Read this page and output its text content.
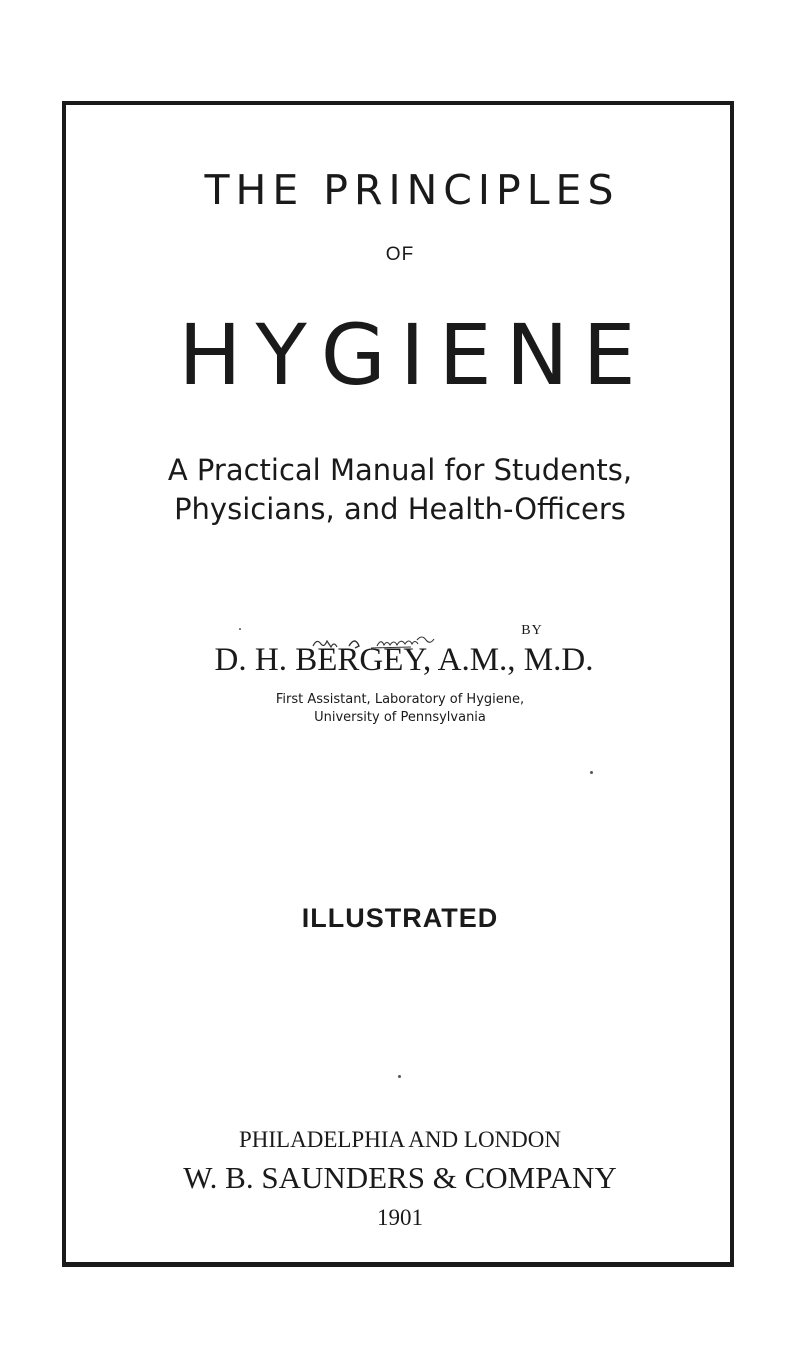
THE PRINCIPLES
OF
HYGIENE
A Practical Manual for Students,
Physicians, and Health-Officers
BY
D. H. BERGEY, A.M., M.D.
First Assistant, Laboratory of Hygiene,
University of Pennsylvania
ILLUSTRATED
PHILADELPHIA AND LONDON
W. B. SAUNDERS & COMPANY
1901
